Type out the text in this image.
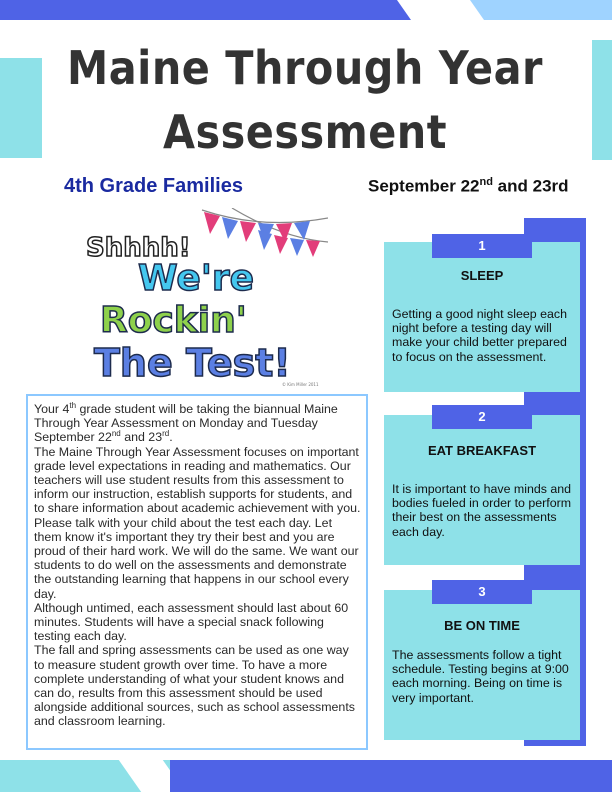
Maine Through Year
Assessment
4th Grade Families	September 22nd and 23rd
Shhhh!
We're
Rockin'
The Test!
© Kim Miller 2011

Your 4th grade student will be taking the biannual Maine Through Year Assessment on Monday and Tuesday September 22nd and 23rd.

The Maine Through Year Assessment focuses on important grade level expectations in reading and mathematics. Our teachers will use student results from this assessment to inform our instruction, establish supports for students, and to share information about academic achievement with you. Please talk with your child about the test each day. Let them know it's important they try their best and you are proud of their hard work. We will do the same. We want our students to do well on the assessments and demonstrate the outstanding learning that happens in our school every day.

Although untimed, each assessment should last about 60 minutes. Students will have a special snack following testing each day.

The fall and spring assessments can be used as one way to measure student growth over time. To have a more complete understanding of what your student knows and can do, results from this assessment should be used alongside additional sources, such as school assessments and classroom learning.

1
SLEEP
Getting a good night sleep each night before a testing day will make your child better prepared to focus on the assessment.
2
EAT BREAKFAST
It is important to have minds and bodies fueled in order to perform their best on the assessments each day.
3
BE ON TIME
The assessments follow a tight schedule. Testing begins at 9:00 each morning. Being on time is very important.
